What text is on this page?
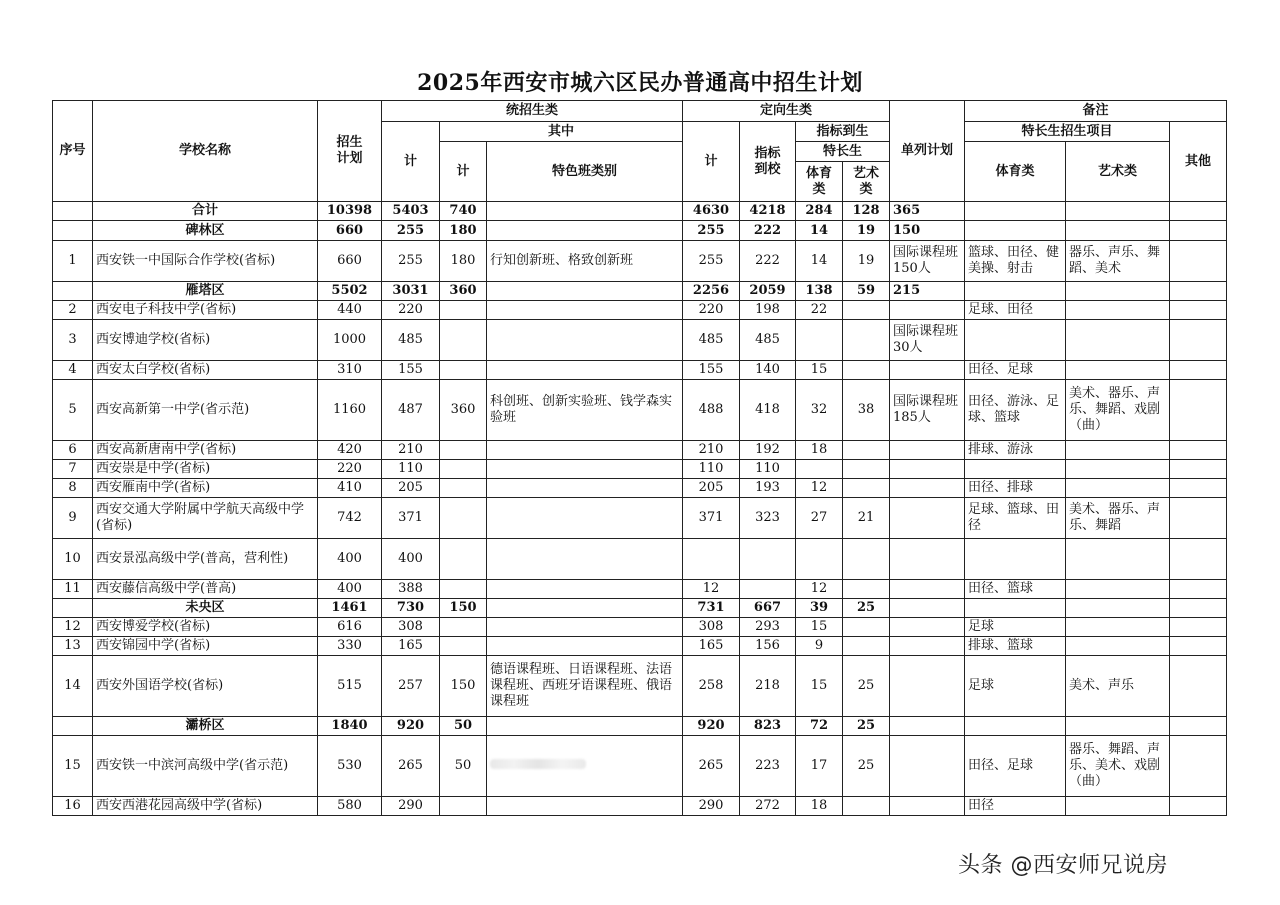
2025年西安市城六区民办普通高中招生计划
序号	学校名称	招生计划	统招生类			定向生类				单列计划	备注		
			计	其中		计	指标到校	指标到生			特长生招生项目		其他
				计	特色班类别			特长生			体育类	艺术类	
								体育类	艺术类				

	合计	10398	5403	740		4630	4218	284	128	365			
	碑林区	660	255	180		255	222	14	19	150			
1	西安铁一中国际合作学校(省标)	660	255	180	行知创新班、格致创新班	255	222	14	19	国际课程班150人	篮球、田径、健美操、射击	器乐、声乐、舞蹈、美术	
	雁塔区	5502	3031	360		2256	2059	138	59	215			
2	西安电子科技中学(省标)	440	220			220	198	22			足球、田径		
3	西安博迪学校(省标)	1000	485			485	485			国际课程班30人			
4	西安太白学校(省标)	310	155			155	140	15			田径、足球		
5	西安高新第一中学(省示范)	1160	487	360	科创班、创新实验班、钱学森实验班	488	418	32	38	国际课程班185人	田径、游泳、足球、篮球	美术、器乐、声乐、舞蹈、戏剧（曲）	
6	西安高新唐南中学(省标)	420	210			210	192	18			排球、游泳		
7	西安崇是中学(省标)	220	110			110	110						
8	西安雁南中学(省标)	410	205			205	193	12			田径、排球		
9	西安交通大学附属中学航天高级中学(省标)	742	371			371	323	27	21		足球、篮球、田径	美术、器乐、声乐、舞蹈	
10	西安景泓高级中学(普高，营利性)	400	400										
11	西安藤信高级中学(普高)	400	388			12		12			田径、篮球		
	未央区	1461	730	150		731	667	39	25				
12	西安博爱学校(省标)	616	308			308	293	15			足球		
13	西安锦园中学(省标)	330	165			165	156	9			排球、篮球		
14	西安外国语学校(省标)	515	257	150	德语课程班、日语课程班、法语课程班、西班牙语课程班、俄语课程班	258	218	15	25		足球	美术、声乐	
	灞桥区	1840	920	50		920	823	72	25				
15	西安铁一中滨河高级中学(省示范)	530	265	50		265	223	17	25		田径、足球	器乐、舞蹈、声乐、美术、戏剧（曲）	
16	西安西港花园高级中学(省标)	580	290			290	272	18			田径		
头条 @西安师兄说房
